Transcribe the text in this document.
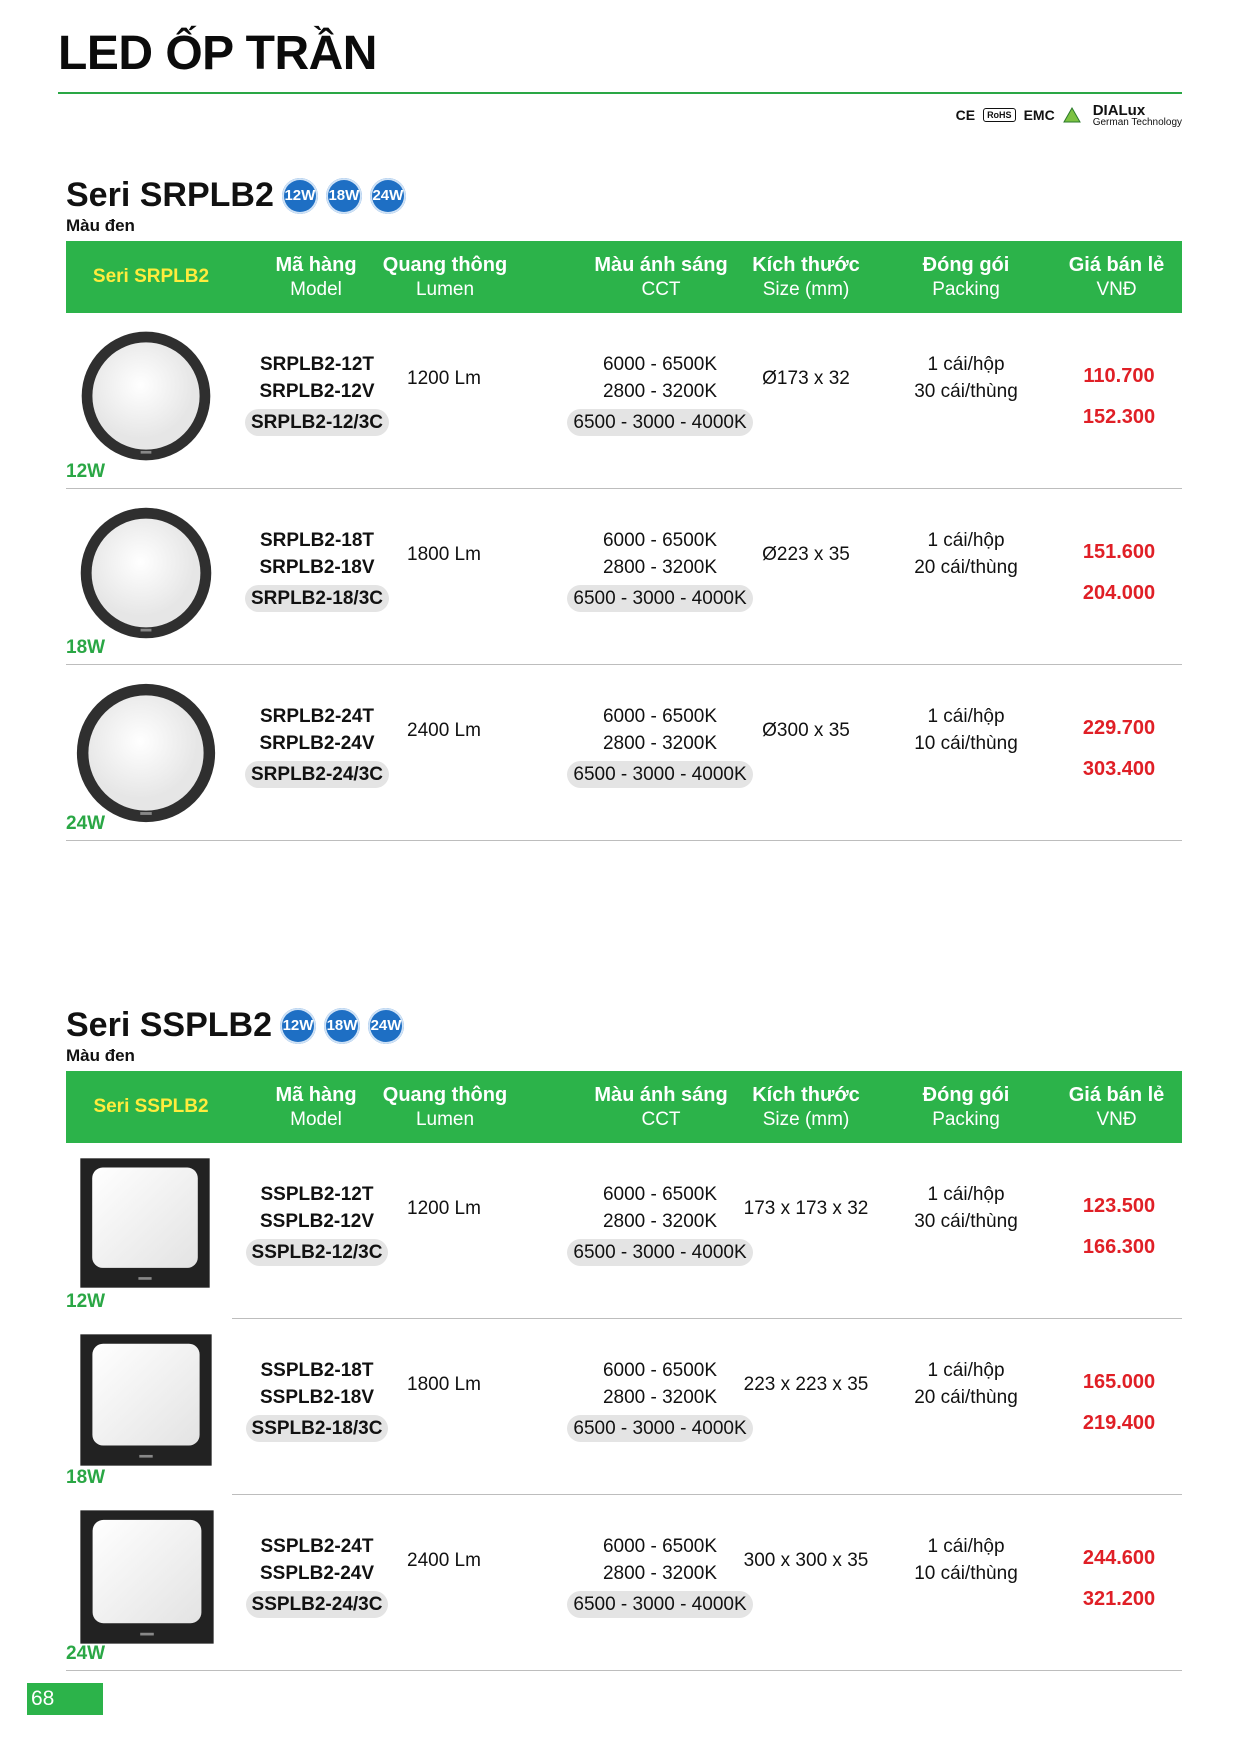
LED ỐP TRẦN
CE	RoHS EMC	DIALux
German Technology
Seri SRPLB2 12W 18W 24W
Màu đen
Seri SRPLB2
Mã hàng
Model
Quang thông
Lumen
Màu ánh sáng
CCT
Kích thước
Size (mm)
Đóng gói
Packing
Giá bán lẻ
VNĐ
12W
SRPLB2-12T
SRPLB2-12V
SRPLB2-12/3C
1200 Lm
6000 - 6500K
2800 - 3200K
6500 - 3000 - 4000K
Ø173 x 32
1 cái/hộp
30 cái/thùng
110.700
152.300
18W
SRPLB2-18T
SRPLB2-18V
SRPLB2-18/3C
1800 Lm
6000 - 6500K
2800 - 3200K
6500 - 3000 - 4000K
Ø223 x 35
1 cái/hộp
20 cái/thùng
151.600
204.000
24W
SRPLB2-24T
SRPLB2-24V
SRPLB2-24/3C
2400 Lm
6000 - 6500K
2800 - 3200K
6500 - 3000 - 4000K
Ø300 x 35
1 cái/hộp
10 cái/thùng
229.700
303.400
Seri SSPLB2 12W 18W 24W
Màu đen
Seri SSPLB2
Mã hàng
Model
Quang thông
Lumen
Màu ánh sáng
CCT
Kích thước
Size (mm)
Đóng gói
Packing
Giá bán lẻ
VNĐ
12W
SSPLB2-12T
SSPLB2-12V
SSPLB2-12/3C
1200 Lm
6000 - 6500K
2800 - 3200K
6500 - 3000 - 4000K
173 x 173 x 32
1 cái/hộp
30 cái/thùng
123.500
166.300
18W
SSPLB2-18T
SSPLB2-18V
SSPLB2-18/3C
1800 Lm
6000 - 6500K
2800 - 3200K
6500 - 3000 - 4000K
223 x 223 x 35
1 cái/hộp
20 cái/thùng
165.000
219.400
24W
SSPLB2-24T
SSPLB2-24V
SSPLB2-24/3C
2400 Lm
6000 - 6500K
2800 - 3200K
6500 - 3000 - 4000K
300 x 300 x 35
1 cái/hộp
10 cái/thùng
244.600
321.200
68
